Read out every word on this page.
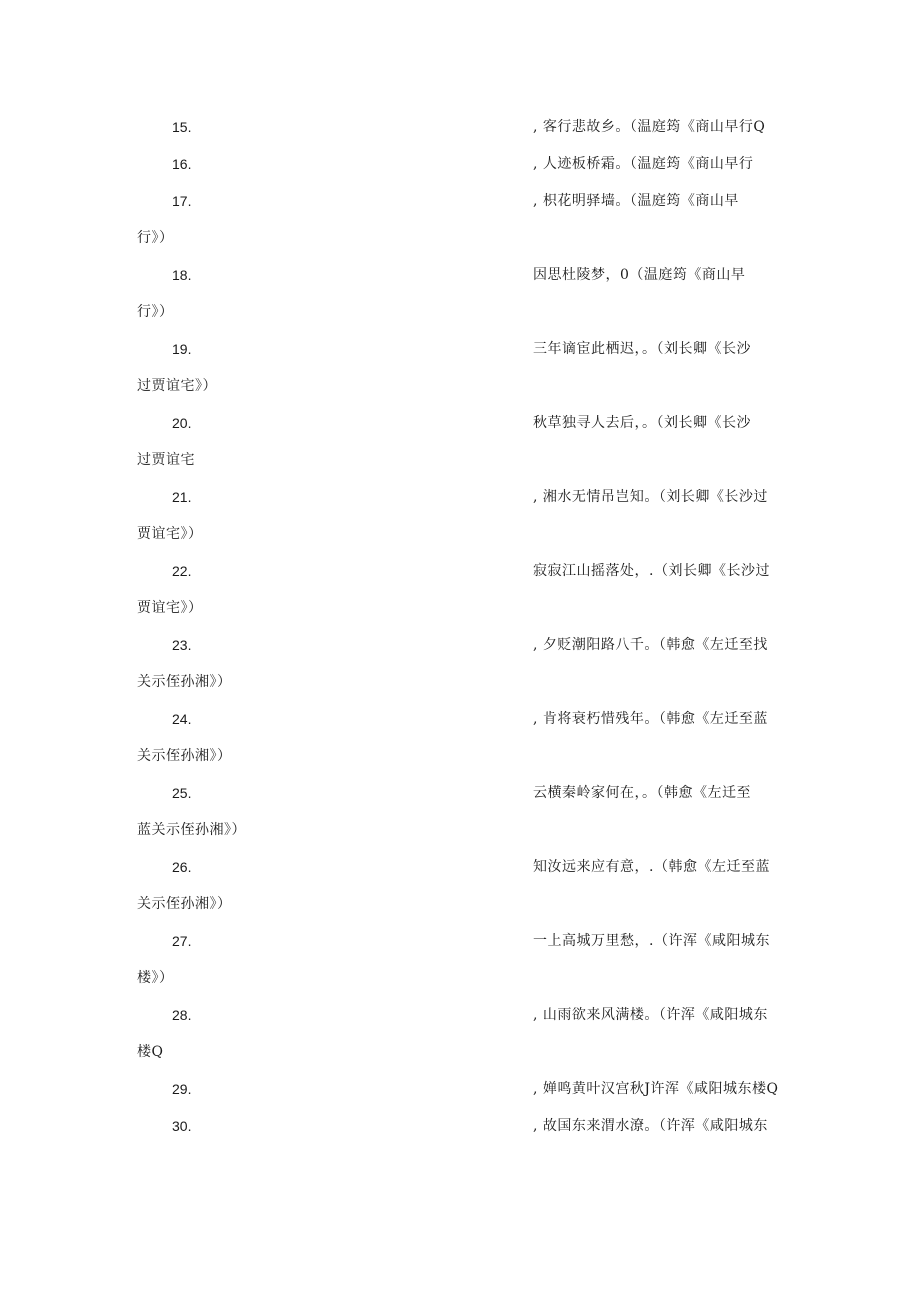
15.	, 客行悲故乡。（温庭筠《商山早行Q
16.	, 人迹板桥霜。（温庭筠《商山早行
17.	, 枳花明驿墙。（温庭筠《商山早
行》）
18.	因思杜陵梦，0（温庭筠《商山早
行》）
19.	三年谪宦此栖迟，。（刘长卿《长沙
过贾谊宅》）
20.	秋草独寻人去后，。（刘长卿《长沙
过贾谊宅
21.	, 湘水无情吊岂知。（刘长卿《长沙过
贾谊宅》）
22.	寂寂江山摇落处，.（刘长卿《长沙过
贾谊宅》）
23.	, 夕贬潮阳路八千。（韩愈《左迁至找
关示侄孙湘》）
24.	, 肯将衰朽惜残年。（韩愈《左迁至蓝
关示侄孙湘》）
25.	云横秦岭家何在，。（韩愈《左迁至
蓝关示侄孙湘》）
26.	知汝远来应有意，.（韩愈《左迁至蓝
关示侄孙湘》）
27.	一上高城万里愁，.（许浑《咸阳城东
楼》）
28.	, 山雨欲来风满楼。（许浑《咸阳城东
楼Q
29.	, 婵鸣黄叶汉宫秋J许浑《咸阳城东楼Q
30.	, 故国东来渭水潦。（许浑《咸阳城东
